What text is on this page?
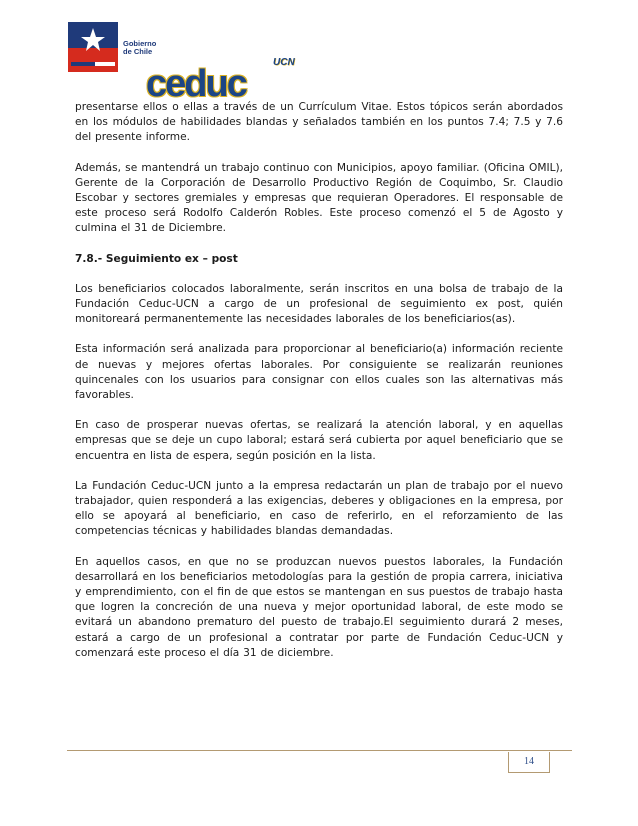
Gobierno
de Chile
ceduc
UCN

presentarse ellos o ellas a través de un Currículum Vitae. Estos tópicos serán abordados en los módulos de habilidades blandas y señalados también en los puntos 7.4; 7.5 y 7.6 del presente informe.

Además, se mantendrá un trabajo continuo con Municipios, apoyo familiar. (Oficina OMIL), Gerente de la Corporación de Desarrollo Productivo Región de Coquimbo, Sr. Claudio Escobar y sectores gremiales y empresas que requieran Operadores. El responsable de este proceso será Rodolfo Calderón Robles. Este proceso comenzó el 5 de Agosto y culmina el 31 de Diciembre.

7.8.- Seguimiento ex – post

Los beneficiarios colocados laboralmente, serán inscritos en una bolsa de trabajo de la Fundación Ceduc-UCN a cargo de un profesional de seguimiento ex post, quién monitoreará permanentemente las necesidades laborales de los beneficiarios(as).

Esta información será analizada para proporcionar al beneficiario(a) información reciente de nuevas y mejores ofertas laborales. Por consiguiente se realizarán reuniones quincenales con los usuarios para consignar con ellos cuales son las alternativas más favorables.

En caso de prosperar nuevas ofertas, se realizará la atención laboral, y en aquellas empresas que se deje un cupo laboral; estará será cubierta por aquel beneficiario que se encuentra en lista de espera, según posición en la lista.

La Fundación Ceduc-UCN junto a la empresa redactarán un plan de trabajo por el nuevo trabajador, quien responderá a las exigencias, deberes y obligaciones en la empresa, por ello se apoyará al beneficiario, en caso de referirlo, en el reforzamiento de las competencias técnicas y habilidades blandas demandadas.

En aquellos casos, en que no se produzcan nuevos puestos laborales, la Fundación desarrollará en los beneficiarios metodologías para la gestión de propia carrera, iniciativa y emprendimiento, con el fin de que estos se mantengan en sus puestos de trabajo hasta que logren la concreción de una nueva y mejor oportunidad laboral, de este modo se evitará un abandono prematuro del puesto de trabajo.El seguimiento durará 2 meses, estará a cargo de un profesional a contratar por parte de Fundación Ceduc-UCN y comenzará este proceso el día 31 de diciembre.

14
